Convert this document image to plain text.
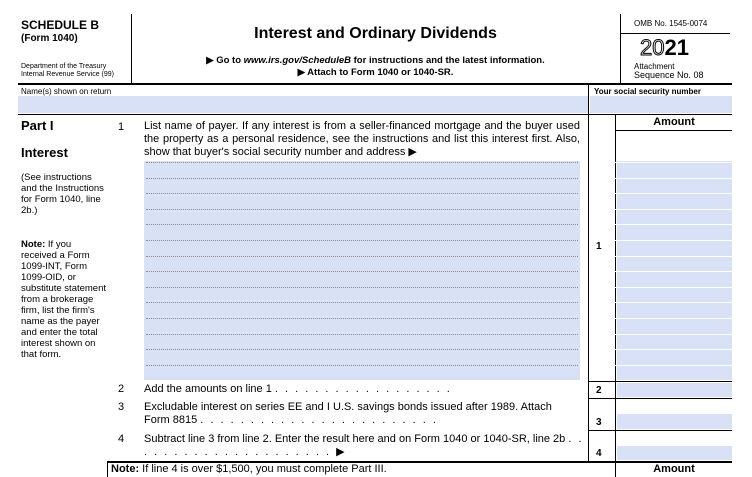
SCHEDULE B
(Form 1040)
Department of the Treasury
Internal Revenue Service (99)
Interest and Ordinary Dividends
▶ Go to www.irs.gov/ScheduleB for instructions and the latest information.
▶ Attach to Form 1040 or 1040-SR.
OMB No. 1545-0074
2021
Attachment
Sequence No. 08
Name(s) shown on return	Your social security number
Part I
Interest
(See instructions and the Instructions for Form 1040, line 2b.)
Note: If you received a Form 1099-INT, Form 1099-OID, or substitute statement from a brokerage firm, list the firm's name as the payer and enter the total interest shown on that form.
1 List name of payer. If any interest is from a seller-financed mortgage and the buyer used the property as a personal residence, see the instructions and list this interest first. Also, show that buyer's social security number and address ▶
Amount
1
2 Add the amounts on line 1 . . . . . . . . . . . . . . . . . .	2
3 Excludable interest on series EE and I U.S. savings bonds issued after 1989. Attach Form 8815 . . . . . . . . . . . . . . . . . . . . . . . .	3
4 Subtract line 3 from line 2. Enter the result here and on Form 1040 or 1040-SR, line 2b . . . . . . . . . . . . . . . . . . . . . ▶	4
Note: If line 4 is over $1,500, you must complete Part III.	Amount
